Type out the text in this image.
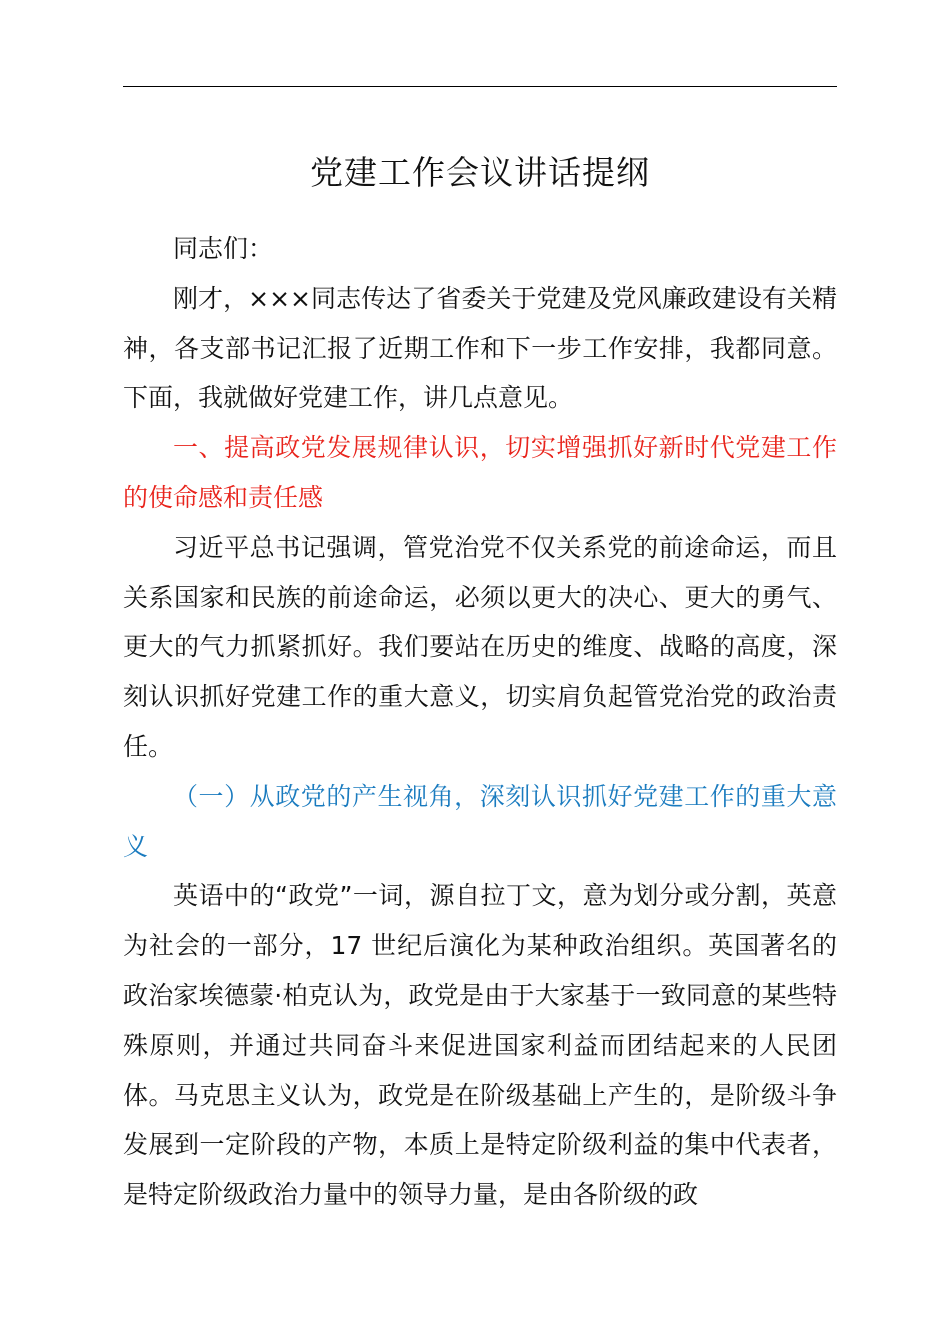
党建工作会议讲话提纲

同志们：

刚才，×××同志传达了省委关于党建及党风廉政建设有关精神，各支部书记汇报了近期工作和下一步工作安排，我都同意。下面，我就做好党建工作，讲几点意见。

一、提高政党发展规律认识，切实增强抓好新时代党建工作的使命感和责任感

习近平总书记强调，管党治党不仅关系党的前途命运，而且关系国家和民族的前途命运，必须以更大的决心、更大的勇气、更大的气力抓紧抓好。我们要站在历史的维度、战略的高度，深刻认识抓好党建工作的重大意义，切实肩负起管党治党的政治责任。

（一）从政党的产生视角，深刻认识抓好党建工作的重大意义

英语中的“政党”一词，源自拉丁文，意为划分或分割，英意为社会的一部分，17 世纪后演化为某种政治组织。英国著名的政治家埃德蒙·柏克认为，政党是由于大家基于一致同意的某些特殊原则，并通过共同奋斗来促进国家利益而团结起来的人民团体。马克思主义认为，政党是在阶级基础上产生的，是阶级斗争发展到一定阶段的产物，本质上是特定阶级利益的集中代表者，是特定阶级政治力量中的领导力量，是由各阶级的政
